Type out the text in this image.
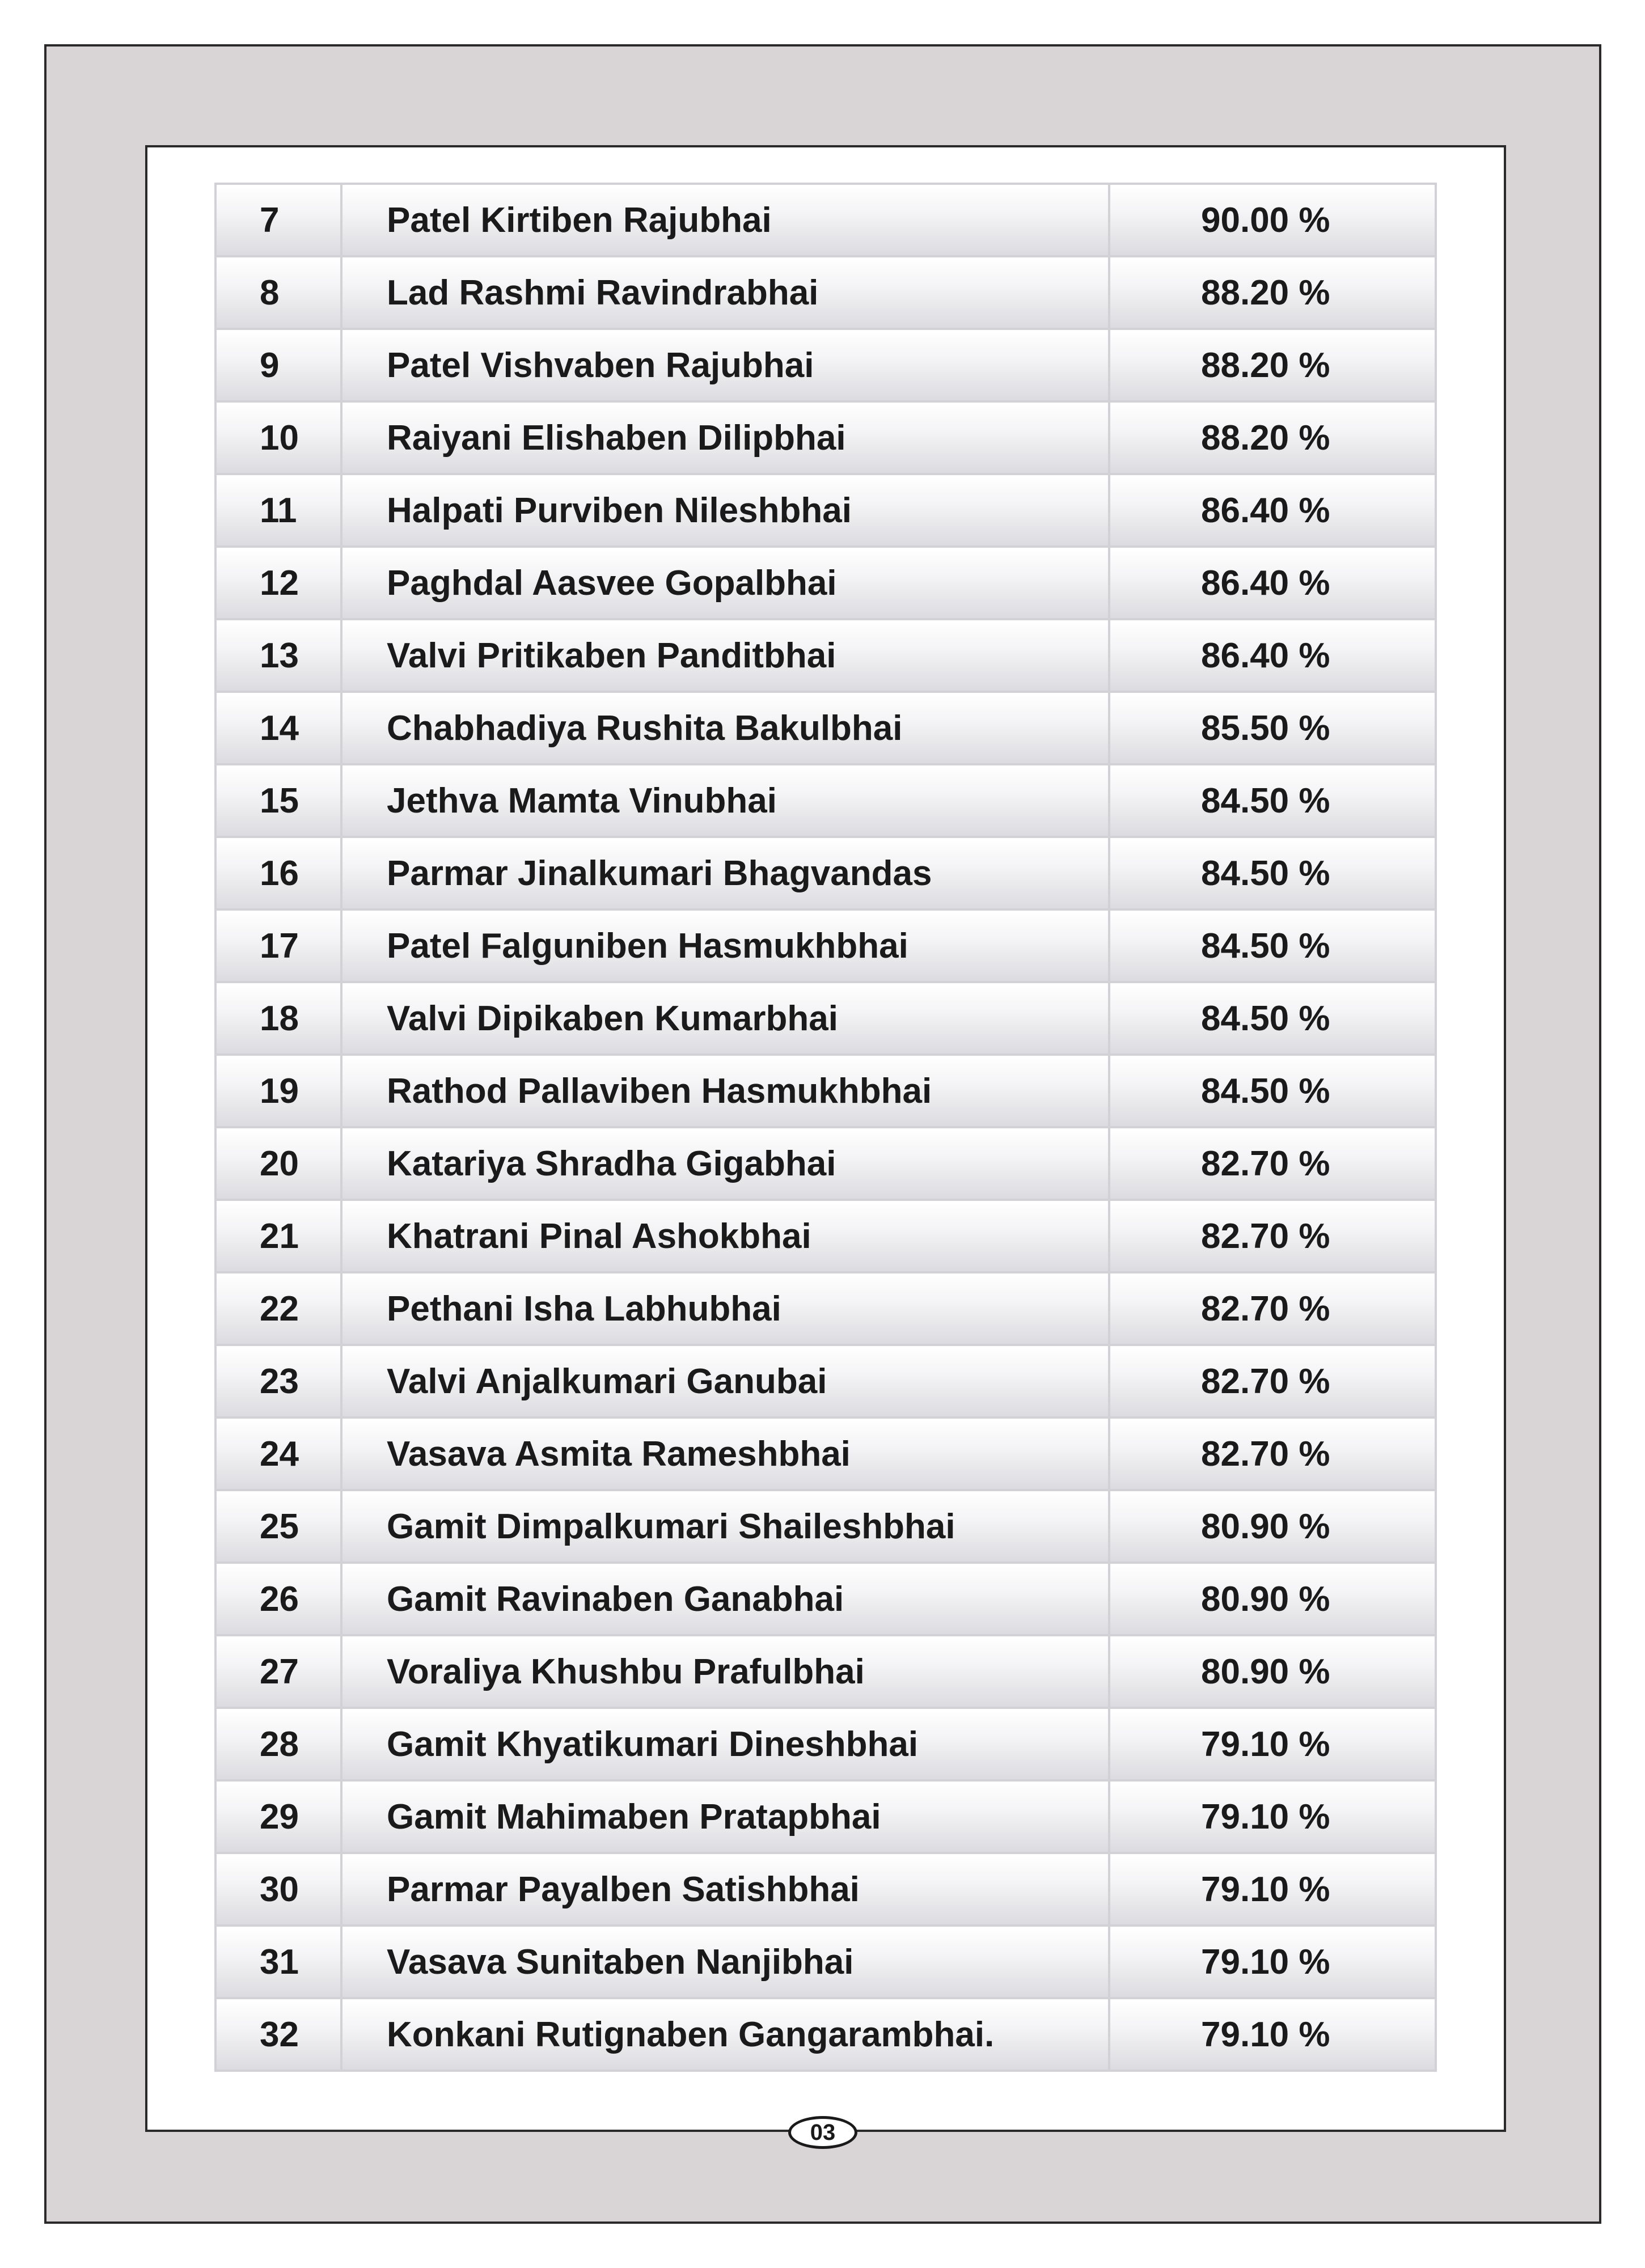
7	Patel Kirtiben Rajubhai	90.00 %
8	Lad Rashmi Ravindrabhai	88.20 %
9	Patel Vishvaben Rajubhai	88.20 %
10	Raiyani Elishaben Dilipbhai	88.20 %
11	Halpati Purviben Nileshbhai	86.40 %
12	Paghdal Aasvee Gopalbhai	86.40 %
13	Valvi Pritikaben Panditbhai	86.40 %
14	Chabhadiya Rushita Bakulbhai	85.50 %
15	Jethva Mamta Vinubhai	84.50 %
16	Parmar Jinalkumari Bhagvandas	84.50 %
17	Patel Falguniben Hasmukhbhai	84.50 %
18	Valvi Dipikaben Kumarbhai	84.50 %
19	Rathod Pallaviben Hasmukhbhai	84.50 %
20	Katariya Shradha Gigabhai	82.70 %
21	Khatrani Pinal Ashokbhai	82.70 %
22	Pethani Isha Labhubhai	82.70 %
23	Valvi Anjalkumari Ganubai	82.70 %
24	Vasava Asmita Rameshbhai	82.70 %
25	Gamit Dimpalkumari Shaileshbhai	80.90 %
26	Gamit Ravinaben Ganabhai	80.90 %
27	Voraliya Khushbu Prafulbhai	80.90 %
28	Gamit Khyatikumari Dineshbhai	79.10 %
29	Gamit Mahimaben Pratapbhai	79.10 %
30	Parmar Payalben Satishbhai	79.10 %
31	Vasava Sunitaben Nanjibhai	79.10 %
32	Konkani Rutignaben Gangarambhai.	79.10 %
03
